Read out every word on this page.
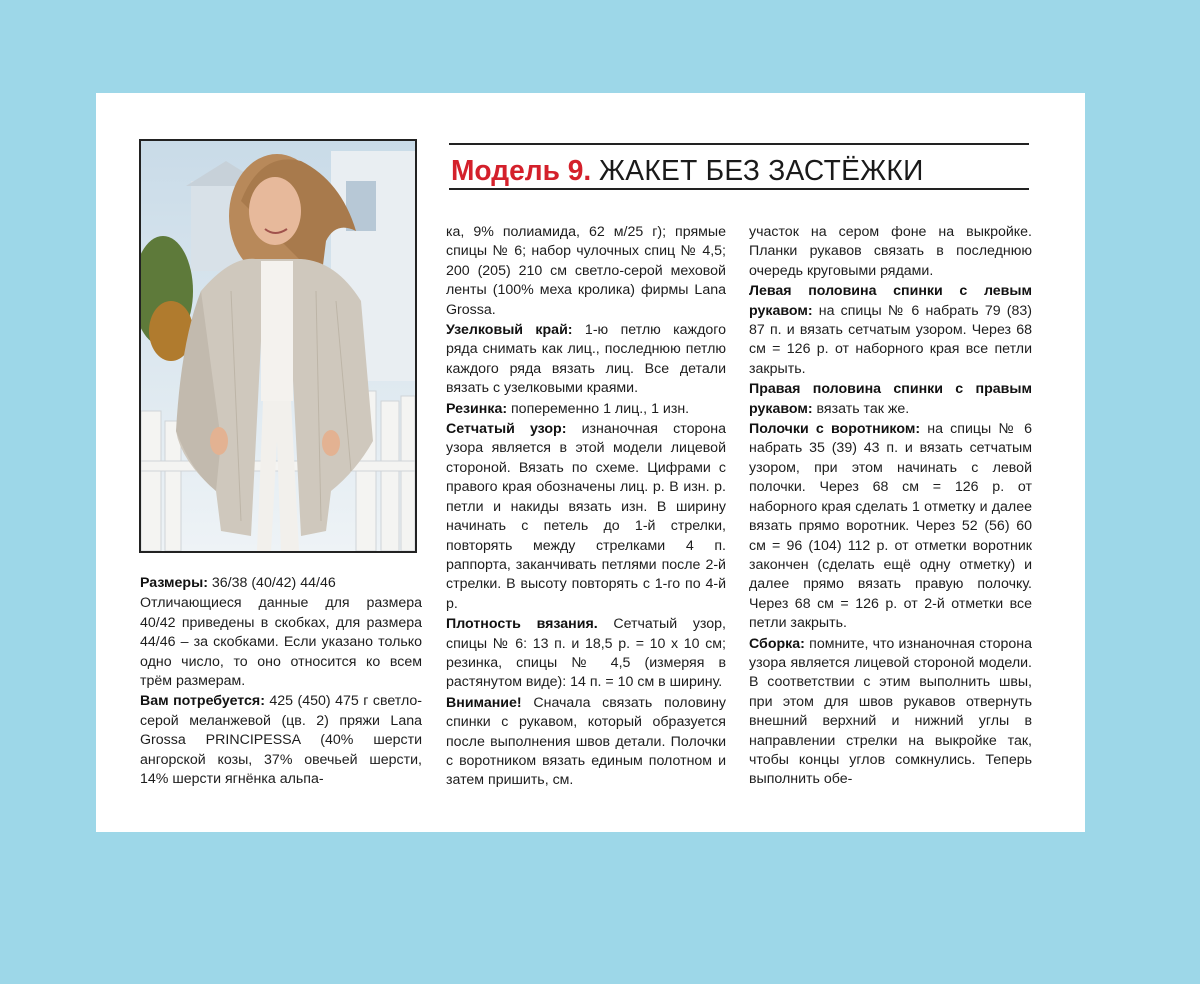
Модель 9. ЖАКЕТ БЕЗ ЗАСТЁЖКИ

Размеры: 36/38 (40/42) 44/46

Отличающиеся данные для размера 40/42 приведены в скобках, для размера 44/46 – за скобками. Если указано только одно число, то оно относится ко всем трём размерам.

Вам потребуется: 425 (450) 475 г светло-серой меланжевой (цв. 2) пряжи Lana Grossa PRINCIPESSA (40% шерсти ангорской козы, 37% овечьей шерсти, 14% шерсти ягнёнка альпа-

ка, 9% полиамида, 62 м/25 г); прямые спицы № 6; набор чулочных спиц № 4,5; 200 (205) 210 см светло-серой меховой ленты (100% меха кролика) фирмы Lana Grossa.

Узелковый край: 1-ю петлю каждого ряда снимать как лиц., последнюю петлю каждого ряда вязать лиц. Все детали вязать с узелковыми краями.

Резинка: попеременно 1 лиц., 1 изн.

Сетчатый узор: изнаночная сторона узора является в этой модели лицевой стороной. Вязать по схеме. Цифрами с правого края обозначены лиц. р. В изн. р. петли и накиды вязать изн. В ширину начинать с петель до 1-й стрелки, повторять между стрелками 4 п. раппорта, заканчивать петлями после 2-й стрелки. В высоту повторять с 1-го по 4-й р.

Плотность вязания. Сетчатый узор, спицы № 6: 13 п. и 18,5 р. = 10 х 10 см; резинка, спицы № 4,5 (измеряя в растянутом виде): 14 п. = 10 см в ширину.

Внимание! Сначала связать половину спинки с рукавом, который образуется после выполнения швов детали. Полочки с воротником вязать единым полотном и затем пришить, см.

участок на сером фоне на выкройке. Планки рукавов связать в последнюю очередь круговыми рядами.

Левая половина спинки с левым рукавом: на спицы № 6 набрать 79 (83) 87 п. и вязать сетчатым узором. Через 68 см = 126 р. от наборного края все петли закрыть.

Правая половина спинки с правым рукавом: вязать так же.

Полочки с воротником: на спицы № 6 набрать 35 (39) 43 п. и вязать сетчатым узором, при этом начинать с левой полочки. Через 68 см = 126 р. от наборного края сделать 1 отметку и далее вязать прямо воротник. Через 52 (56) 60 см = 96 (104) 112 р. от отметки воротник закончен (сделать ещё одну отметку) и далее прямо вязать правую полочку. Через 68 см = 126 р. от 2-й отметки все петли закрыть.

Сборка: помните, что изнаночная сторона узора является лицевой стороной модели. В соответствии с этим выполнить швы, при этом для швов рукавов отвернуть внешний верхний и нижний углы в направлении стрелки на выкройке так, чтобы концы углов сомкнулись. Теперь выполнить обе-
